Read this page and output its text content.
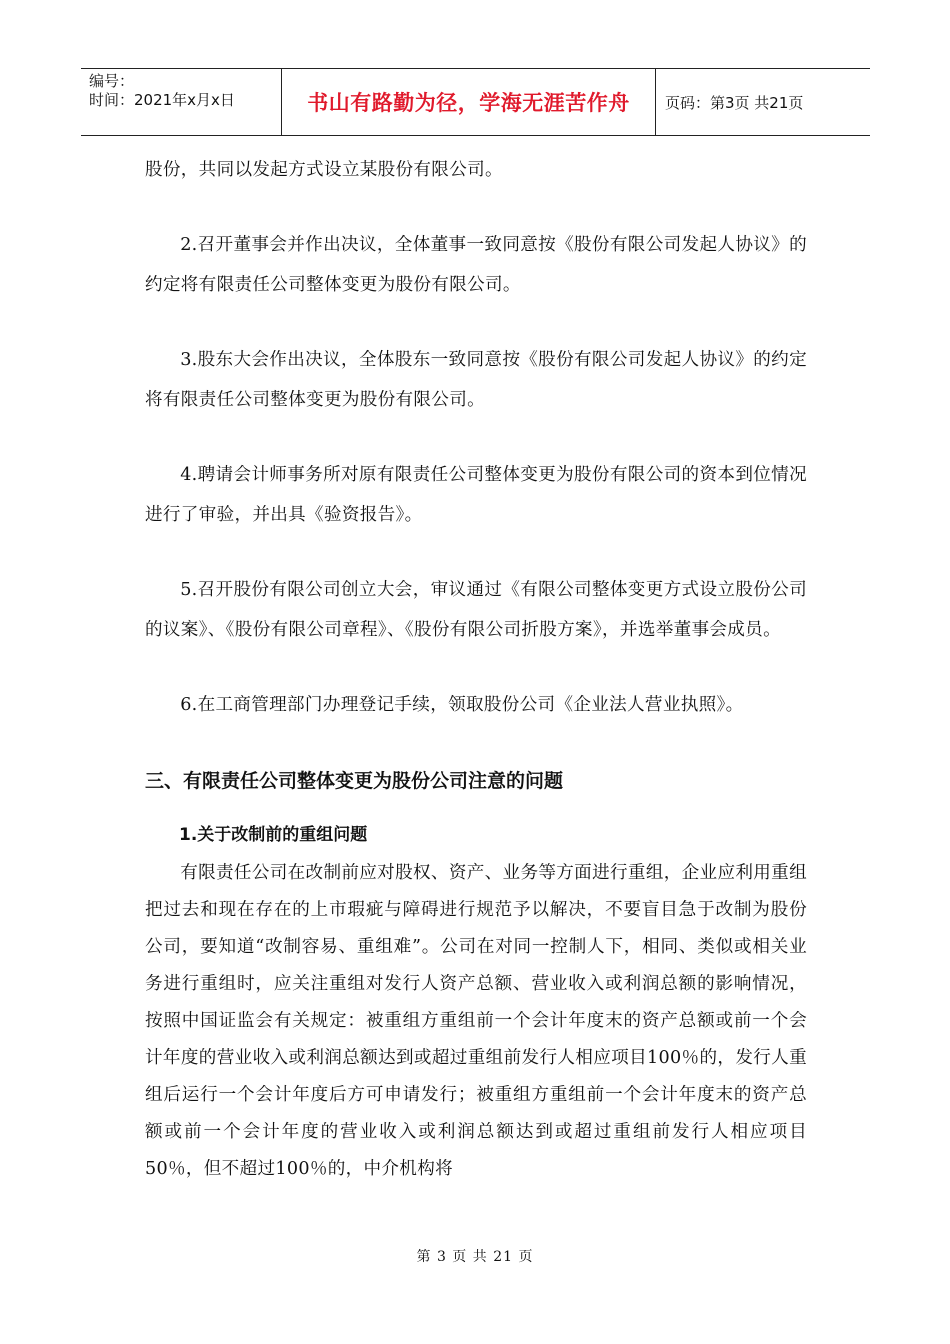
编号：
时间：2021年x月x日	书山有路勤为径，学海无涯苦作舟	页码：第3页 共21页

股份，共同以发起方式设立某股份有限公司。

2.召开董事会并作出决议，全体董事一致同意按《股份有限公司发起人协议》的约定将有限责任公司整体变更为股份有限公司。

3.股东大会作出决议，全体股东一致同意按《股份有限公司发起人协议》的约定将有限责任公司整体变更为股份有限公司。

4.聘请会计师事务所对原有限责任公司整体变更为股份有限公司的资本到位情况进行了审验，并出具《验资报告》。

5.召开股份有限公司创立大会，审议通过《有限公司整体变更方式设立股份公司的议案》、《股份有限公司章程》、《股份有限公司折股方案》，并选举董事会成员。

6.在工商管理部门办理登记手续，领取股份公司《企业法人营业执照》。

三、有限责任公司整体变更为股份公司注意的问题
1.关于改制前的重组问题

有限责任公司在改制前应对股权、资产、业务等方面进行重组，企业应利用重组把过去和现在存在的上市瑕疵与障碍进行规范予以解决，不要盲目急于改制为股份公司，要知道“改制容易、重组难”。公司在对同一控制人下，相同、类似或相关业务进行重组时，应关注重组对发行人资产总额、营业收入或利润总额的影响情况，按照中国证监会有关规定：被重组方重组前一个会计年度末的资产总额或前一个会计年度的营业收入或利润总额达到或超过重组前发行人相应项目100％的，发行人重组后运行一个会计年度后方可申请发行；被重组方重组前一个会计年度末的资产总额或前一个会计年度的营业收入或利润总额达到或超过重组前发行人相应项目50％，但不超过100％的，中介机构将

第 3 页 共 21 页
